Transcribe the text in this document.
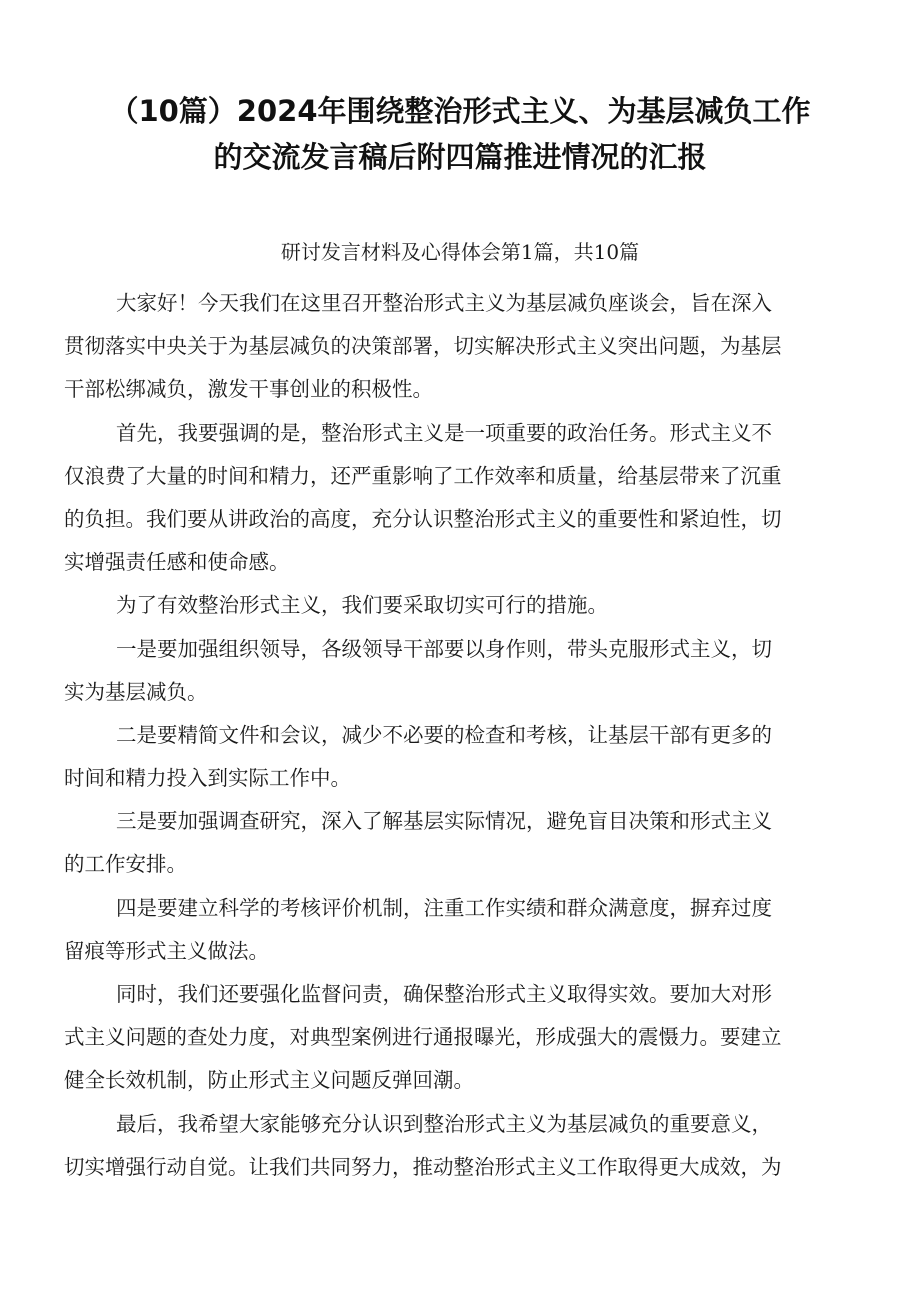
（10篇）2024年围绕整治形式主义、为基层减负工作
的交流发言稿后附四篇推进情况的汇报
研讨发言材料及心得体会第1篇，共10篇
大家好！今天我们在这里召开整治形式主义为基层减负座谈会，旨在深入
贯彻落实中央关于为基层减负的决策部署，切实解决形式主义突出问题，为基层
干部松绑减负，激发干事创业的积极性。
首先，我要强调的是，整治形式主义是一项重要的政治任务。形式主义不
仅浪费了大量的时间和精力，还严重影响了工作效率和质量，给基层带来了沉重
的负担。我们要从讲政治的高度，充分认识整治形式主义的重要性和紧迫性，切
实增强责任感和使命感。
为了有效整治形式主义，我们要采取切实可行的措施。
一是要加强组织领导，各级领导干部要以身作则，带头克服形式主义，切
实为基层减负。
二是要精简文件和会议，减少不必要的检查和考核，让基层干部有更多的
时间和精力投入到实际工作中。
三是要加强调查研究，深入了解基层实际情况，避免盲目决策和形式主义
的工作安排。
四是要建立科学的考核评价机制，注重工作实绩和群众满意度，摒弃过度
留痕等形式主义做法。
同时，我们还要强化监督问责，确保整治形式主义取得实效。要加大对形
式主义问题的查处力度，对典型案例进行通报曝光，形成强大的震慑力。要建立
健全长效机制，防止形式主义问题反弹回潮。
最后，我希望大家能够充分认识到整治形式主义为基层减负的重要意义，
切实增强行动自觉。让我们共同努力，推动整治形式主义工作取得更大成效，为
